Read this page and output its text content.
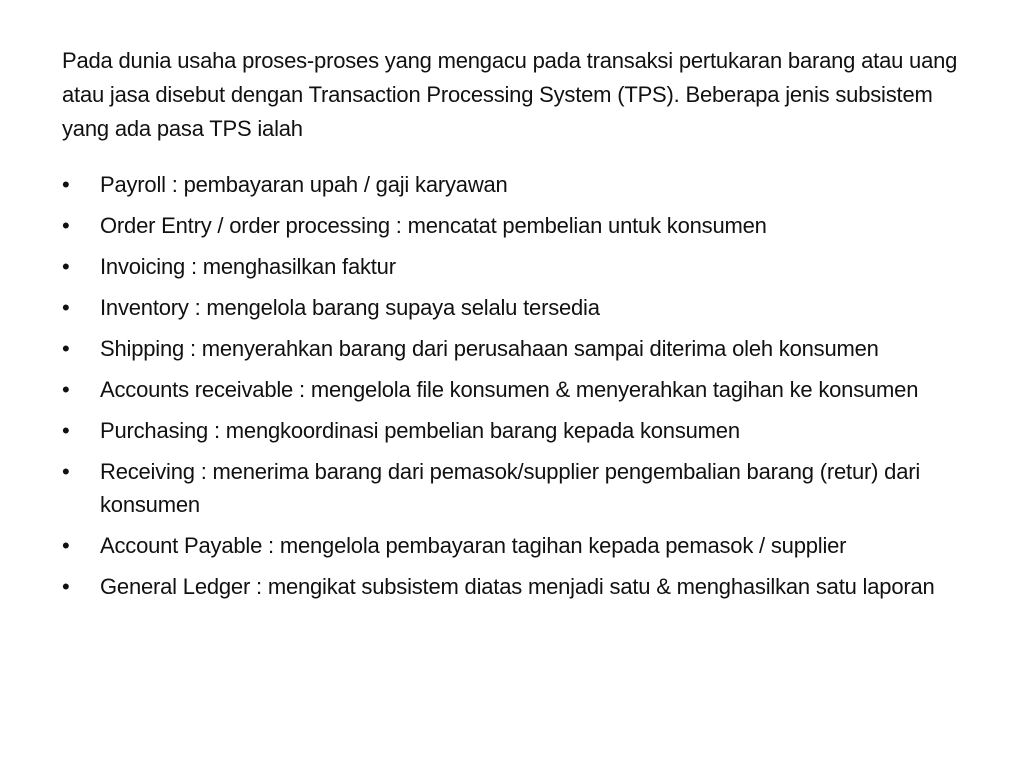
Pada dunia usaha proses-proses yang mengacu pada transaksi pertukaran barang atau uang atau jasa disebut dengan Transaction Processing System (TPS). Beberapa jenis subsistem yang ada pasa TPS ialah

•	Payroll : pembayaran upah / gaji karyawan
•	Order Entry / order processing : mencatat pembelian untuk konsumen
•	Invoicing : menghasilkan faktur
•	Inventory : mengelola barang supaya selalu tersedia
•	Shipping : menyerahkan barang dari perusahaan sampai diterima oleh konsumen
•	Accounts receivable : mengelola file konsumen & menyerahkan tagihan ke konsumen
•	Purchasing : mengkoordinasi pembelian barang kepada konsumen
•	Receiving : menerima barang dari pemasok/supplier pengembalian barang (retur) dari konsumen
•	Account Payable : mengelola pembayaran tagihan kepada pemasok / supplier
•	General Ledger : mengikat subsistem diatas menjadi satu & menghasilkan satu laporan
